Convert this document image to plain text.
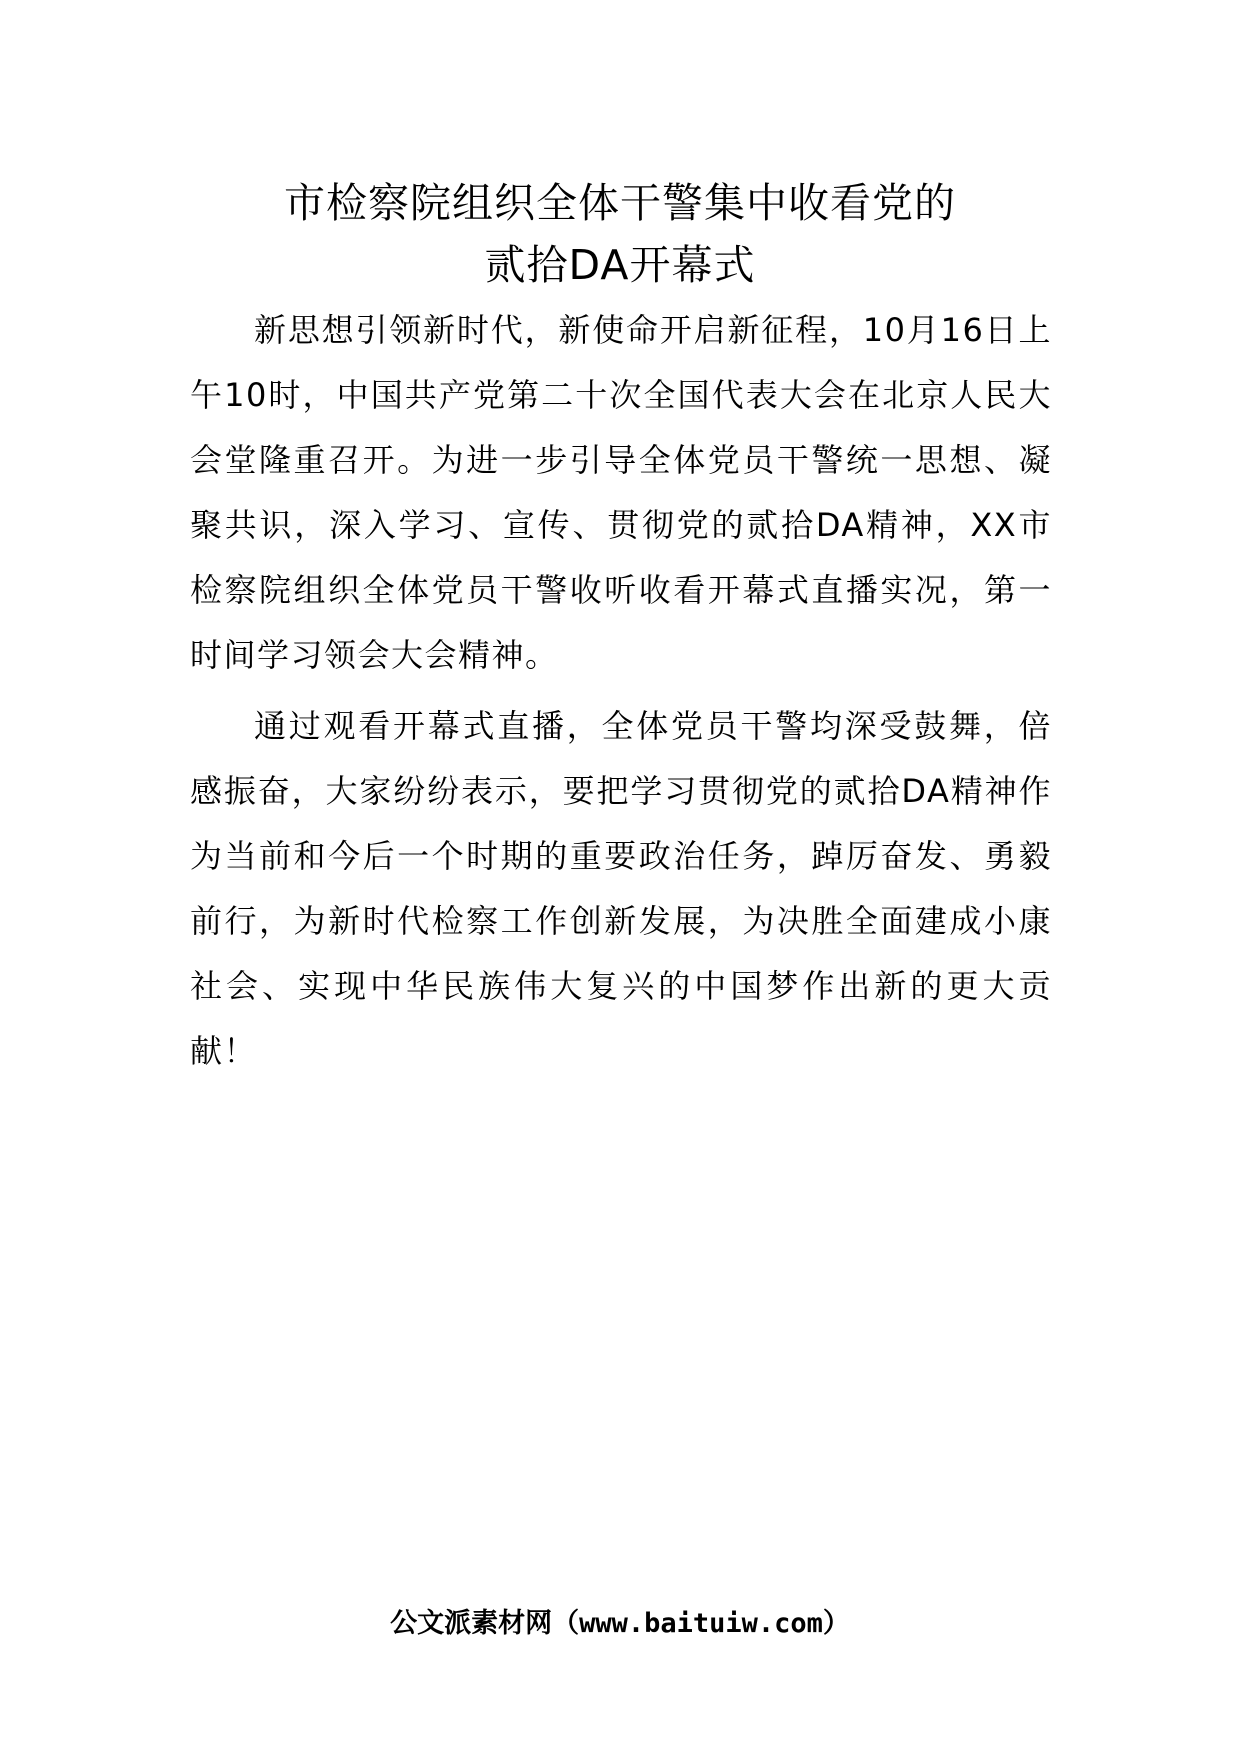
市检察院组织全体干警集中收看党的
贰拾DA开幕式

新思想引领新时代，新使命开启新征程，10月16日上午10时，中国共产党第二十次全国代表大会在北京人民大会堂隆重召开。为进一步引导全体党员干警统一思想、凝聚共识，深入学习、宣传、贯彻党的贰拾DA精神，XX市检察院组织全体党员干警收听收看开幕式直播实况，第一时间学习领会大会精神。

通过观看开幕式直播，全体党员干警均深受鼓舞，倍感振奋，大家纷纷表示，要把学习贯彻党的贰拾DA精神作为当前和今后一个时期的重要政治任务，踔厉奋发、勇毅前行，为新时代检察工作创新发展，为决胜全面建成小康社会、实现中华民族伟大复兴的中国梦作出新的更大贡献！

公文派素材网（www.baituiw.com）
